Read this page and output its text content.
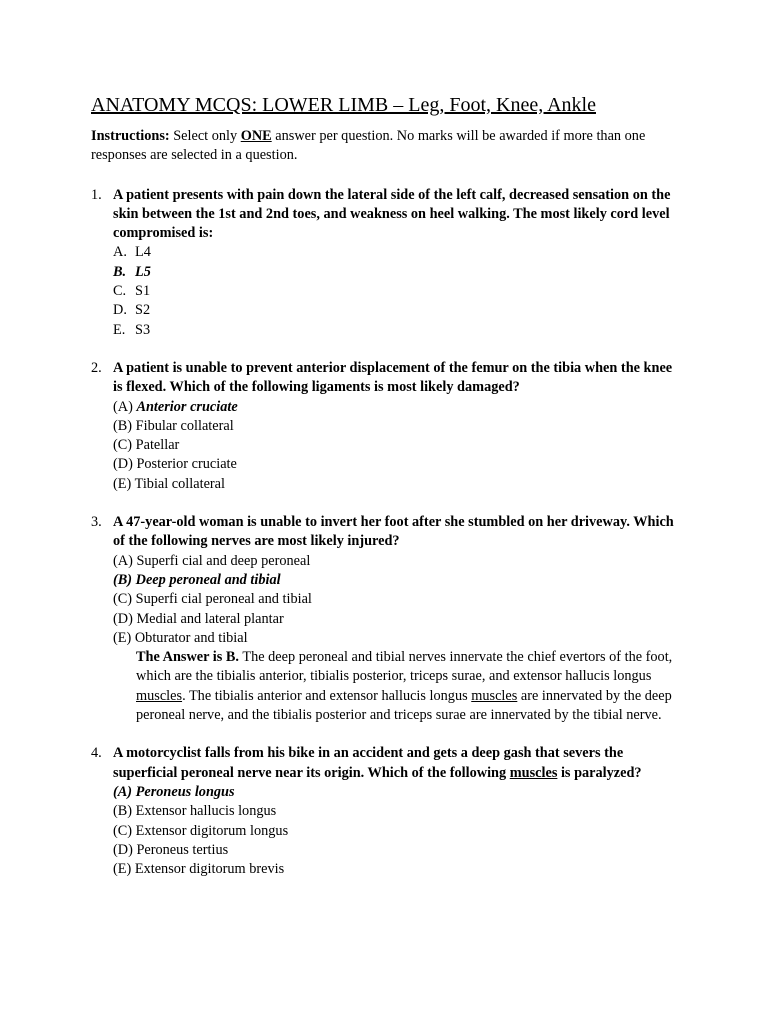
ANATOMY MCQS: LOWER LIMB – Leg, Foot, Knee, Ankle

Instructions: Select only ONE answer per question. No marks will be awarded if more than one responses are selected in a question.

1. A patient presents with pain down the lateral side of the left calf, decreased sensation on the skin between the 1st and 2nd toes, and weakness on heel walking. The most likely cord level compromised is:
A. L4
B. L5
C. S1
D. S2
E. S3
2. A patient is unable to prevent anterior displacement of the femur on the tibia when the knee is flexed. Which of the following ligaments is most likely damaged?
(A) Anterior cruciate
(B) Fibular collateral
(C) Patellar
(D) Posterior cruciate
(E) Tibial collateral
3. A 47-year-old woman is unable to invert her foot after she stumbled on her driveway. Which of the following nerves are most likely injured?
(A) Superfi cial and deep peroneal
(B) Deep peroneal and tibial
(C) Superfi cial peroneal and tibial
(D) Medial and lateral plantar
(E) Obturator and tibial
The Answer is B. The deep peroneal and tibial nerves innervate the chief evertors of the foot, which are the tibialis anterior, tibialis posterior, triceps surae, and extensor hallucis longus muscles. The tibialis anterior and extensor hallucis longus muscles are innervated by the deep peroneal nerve, and the tibialis posterior and triceps surae are innervated by the tibial nerve.
4. A motorcyclist falls from his bike in an accident and gets a deep gash that severs the superficial peroneal nerve near its origin. Which of the following muscles is paralyzed?
(A) Peroneus longus
(B) Extensor hallucis longus
(C) Extensor digitorum longus
(D) Peroneus tertius
(E) Extensor digitorum brevis
